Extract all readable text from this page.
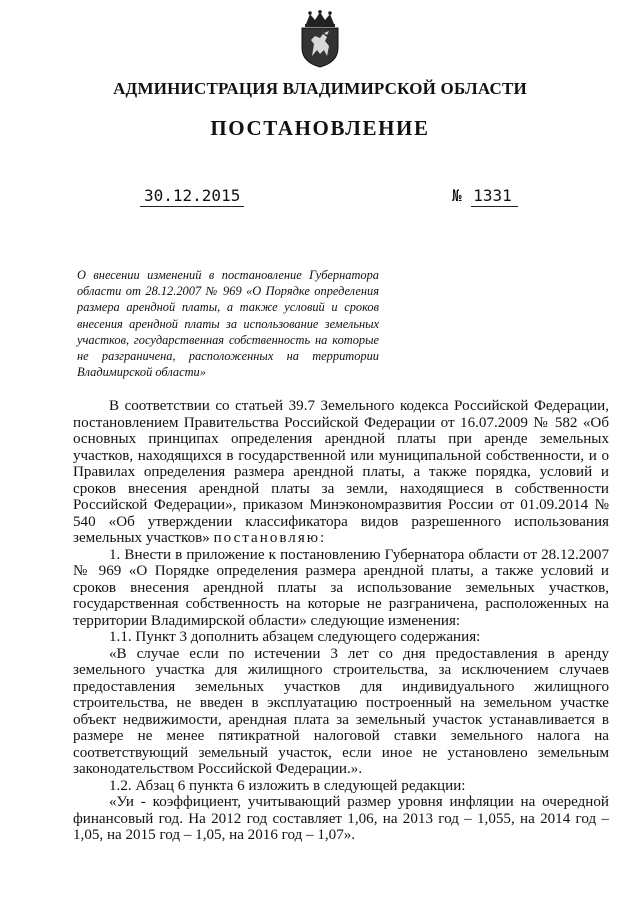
АДМИНИСТРАЦИЯ ВЛАДИМИРСКОЙ ОБЛАСТИ
ПОСТАНОВЛЕНИЕ
30.12.2015	№ 1331
О внесении изменений в постановление Губернатора области от 28.12.2007 № 969 «О Порядке определения размера арендной платы, а также условий и сроков внесения арендной платы за использование земельных участков, государственная собственность на которые не разграничена, расположенных на территории Владимирской области»

В соответствии со статьей 39.7 Земельного кодекса Российской Федерации, постановлением Правительства Российской Федерации от 16.07.2009 № 582 «Об основных принципах определения арендной платы при аренде земельных участков, находящихся в государственной или муниципальной собственности, и о Правилах определения размера арендной платы, а также порядка, условий и сроков внесения арендной платы за земли, находящиеся в собственности Российской Федерации», приказом Минэкономразвития России от 01.09.2014 № 540 «Об утверждении классификатора видов разрешенного использования земельных участков» постановляю:

1. Внести в приложение к постановлению Губернатора области от 28.12.2007 № 969 «О Порядке определения размера арендной платы, а также условий и сроков внесения арендной платы за использование земельных участков, государственная собственность на которые не разграничена, расположенных на территории Владимирской области» следующие изменения:

1.1. Пункт 3 дополнить абзацем следующего содержания:

«В случае если по истечении 3 лет со дня предоставления в аренду земельного участка для жилищного строительства, за исключением случаев предоставления земельных участков для индивидуального жилищного строительства, не введен в эксплуатацию построенный на земельном участке объект недвижимости, арендная плата за земельный участок устанавливается в размере не менее пятикратной налоговой ставки земельного налога на соответствующий земельный участок, если иное не установлено земельным законодательством Российской Федерации.».

1.2. Абзац 6 пункта 6 изложить в следующей редакции:

«Уи - коэффициент, учитывающий размер уровня инфляции на очередной финансовый год. На 2012 год составляет 1,06, на 2013 год – 1,055, на 2014 год – 1,05, на 2015 год – 1,05, на 2016 год – 1,07».
